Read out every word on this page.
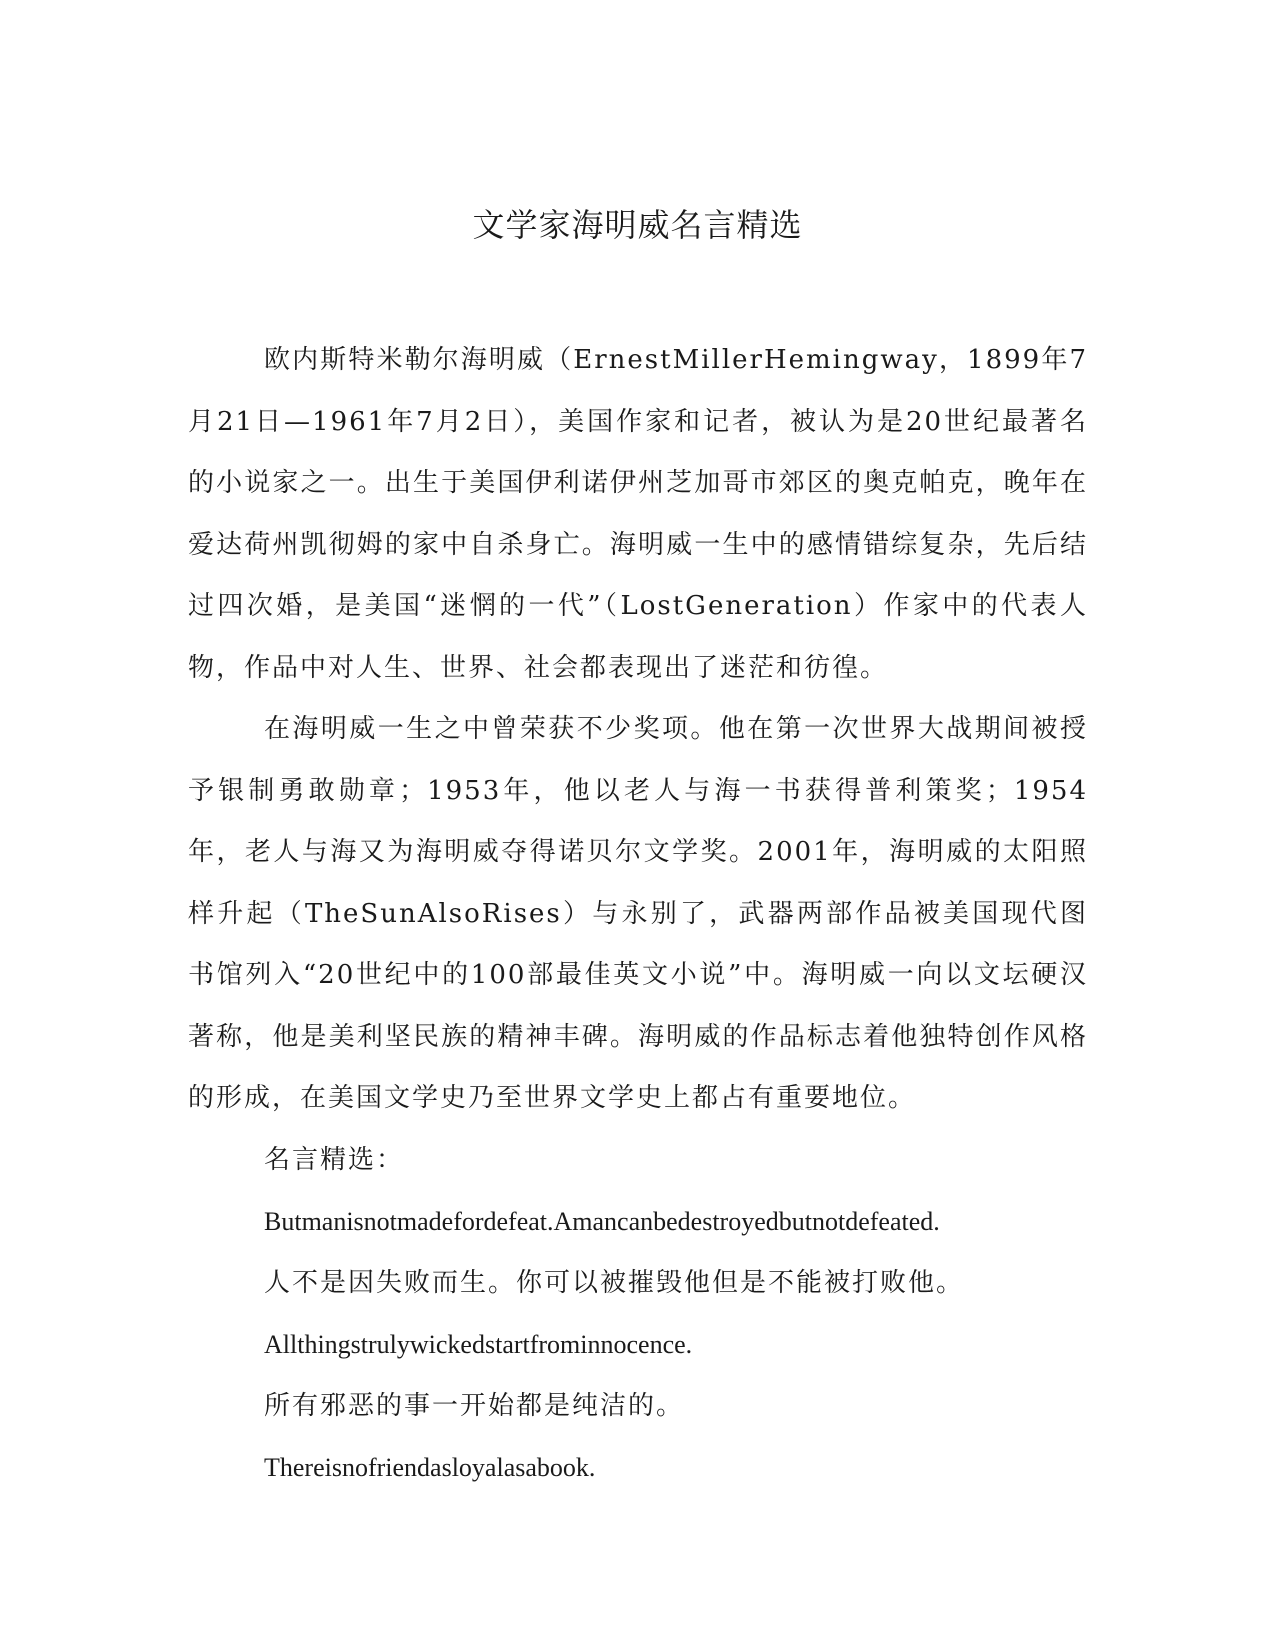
文学家海明威名言精选

欧内斯特米勒尔海明威（ErnestMillerHemingway，1899年7月21日—1961年7月2日），美国作家和记者，被认为是20世纪最著名的小说家之一。出生于美国伊利诺伊州芝加哥市郊区的奥克帕克，晚年在爱达荷州凯彻姆的家中自杀身亡。海明威一生中的感情错综复杂，先后结过四次婚，是美国“迷惘的一代”（LostGeneration）作家中的代表人物，作品中对人生、世界、社会都表现出了迷茫和彷徨。

在海明威一生之中曾荣获不少奖项。他在第一次世界大战期间被授予银制勇敢勋章；1953年，他以老人与海一书获得普利策奖；1954年，老人与海又为海明威夺得诺贝尔文学奖。2001年，海明威的太阳照样升起（TheSunAlsoRises）与永别了，武器两部作品被美国现代图书馆列入“20世纪中的100部最佳英文小说”中。海明威一向以文坛硬汉著称，他是美利坚民族的精神丰碑。海明威的作品标志着他独特创作风格的形成，在美国文学史乃至世界文学史上都占有重要地位。

名言精选：

Butmanisnotmadefordefeat.Amancanbedestroyedbutnotdefeated.

人不是因失败而生。你可以被摧毁他但是不能被打败他。

Allthingstrulywickedstartfrominnocence.

所有邪恶的事一开始都是纯洁的。

Thereisnofriendasloyalasabook.
